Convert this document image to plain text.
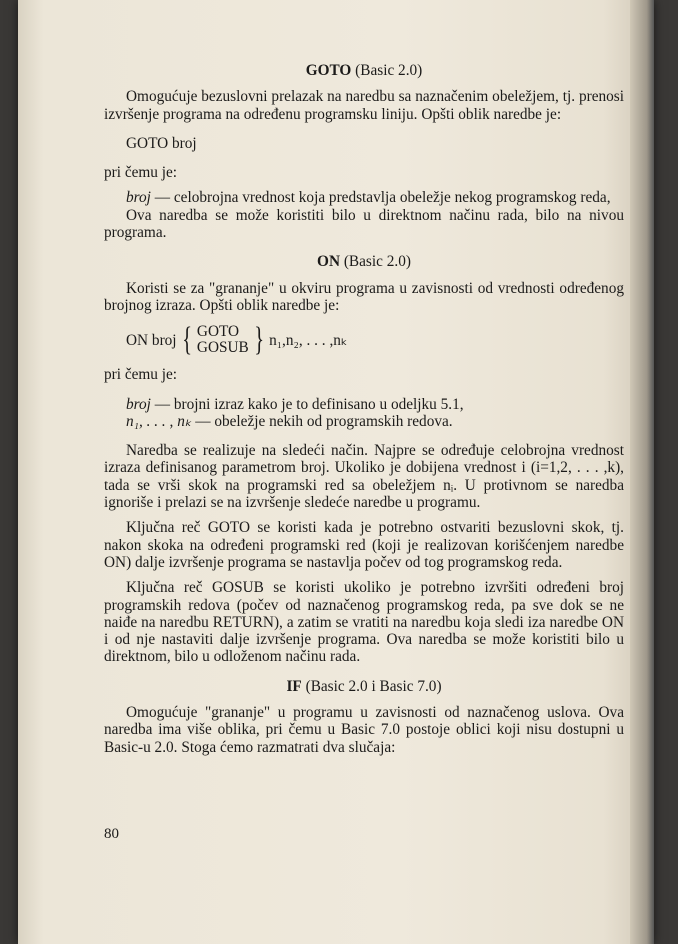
GOTO (Basic 2.0)

Omogućuje bezuslovni prelazak na naredbu sa naznačenim obeležjem, tj. prenosi izvršenje programa na određenu programsku liniju. Opšti oblik naredbe je:

GOTO broj

pri čemu je:

broj — celobrojna vrednost koja predstavlja obeležje nekog programskog reda,

Ova naredba se može koristiti bilo u direktnom načinu rada, bilo na nivou programa.

ON (Basic 2.0)

Koristi se za "grananje" u okviru programa u zavisnosti od vrednosti određenog brojnog izraza. Opšti oblik naredbe je:

ON broj { GOTO
GOSUB } n₁,n₂, . . . ,nₖ

pri čemu je:

broj — brojni izraz kako je to definisano u odeljku 5.1,

n₁, . . . , nₖ — obeležje nekih od programskih redova.

Naredba se realizuje na sledeći način. Najpre se određuje celobrojna vrednost izraza definisanog parametrom broj. Ukoliko je dobijena vrednost i (i=1,2, . . . ,k), tada se vrši skok na programski red sa obeležjem nᵢ. U protivnom se naredba ignoriše i prelazi se na izvršenje sledeće naredbe u programu.

Ključna reč GOTO se koristi kada je potrebno ostvariti bezuslovni skok, tj. nakon skoka na određeni programski red (koji je realizovan korišćenjem naredbe ON) dalje izvršenje programa se nastavlja počev od tog programskog reda.

Ključna reč GOSUB se koristi ukoliko je potrebno izvršiti određeni broj programskih redova (počev od naznačenog programskog reda, pa sve dok se ne naiđe na naredbu RETURN), a zatim se vratiti na naredbu koja sledi iza naredbe ON i od nje nastaviti dalje izvršenje programa. Ova naredba se može koristiti bilo u direktnom, bilo u odloženom načinu rada.

IF (Basic 2.0 i Basic 7.0)

Omogućuje "grananje" u programu u zavisnosti od naznačenog uslova. Ova naredba ima više oblika, pri čemu u Basic 7.0 postoje oblici koji nisu dostupni u Basic-u 2.0. Stoga ćemo razmatrati dva slučaja:

80
